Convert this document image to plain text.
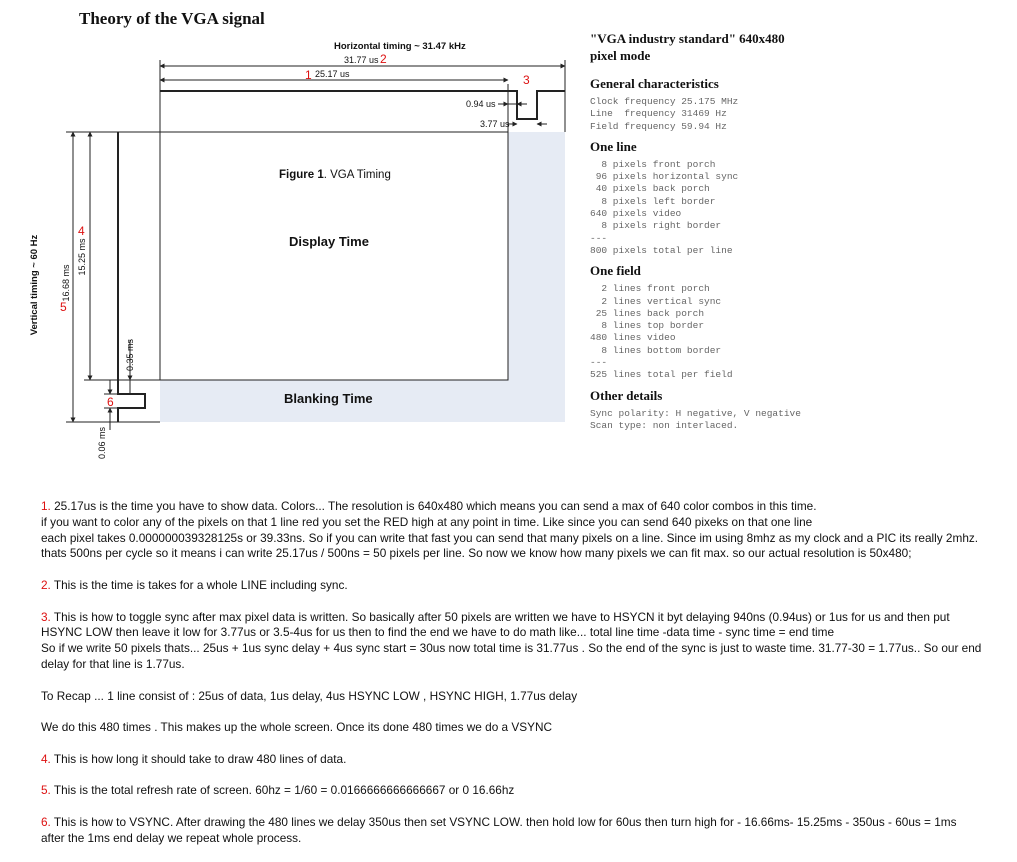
Theory of the VGA signal
Horizontal timing ~ 31.47 kHz
31.77 us 2
1 25.17 us	3
0.94 us
3.77 us
Figure 1. VGA Timing
Display Time
Blanking Time
4
5
6
Vertical timing ~ 60 Hz 16.68 ms
15.25 ms
0.35 ms
0.06 ms
"VGA industry standard" 640x480
pixel mode
General characteristics
Clock frequency 25.175 MHz
Line  frequency 31469 Hz
Field frequency 59.94 Hz
One line
8 pixels front porch
96 pixels horizontal sync
40 pixels back porch
8 pixels left border
640 pixels video
8 pixels right border
---
800 pixels total per line
One field
2 lines front porch
2 lines vertical sync
25 lines back porch
8 lines top border
480 lines video
8 lines bottom border
---
525 lines total per field
Other details
Sync polarity: H negative, V negative
Scan type: non interlaced.

1. 25.17us is the time you have to show data. Colors... The resolution is 640x480 which means you can send a max of 640 color combos in this time.
if you want to color any of the pixels on that 1 line red you set the RED high at any point in time. Like since you can send 640 pixeks on that one line
each pixel takes 0.000000039328125s or 39.33ns. So if you can write that fast you can send that many pixels on a line. Since im using 8mhz as my clock and a PIC its really 2mhz.
thats 500ns per cycle so it means i can write 25.17us / 500ns = 50 pixels per line. So now we know how many pixels we can fit max. so our actual resolution is 50x480;

2. This is the time is takes for a whole LINE including sync.

3. This is how to toggle sync after max pixel data is written. So basically after 50 pixels are written we have to HSYCN it byt delaying 940ns (0.94us) or 1us for us and then put
HSYNC LOW then leave it low for 3.77us or 3.5-4us for us then to find the end we have to do math like... total line time -data time - sync time = end time
So if we write 50 pixels thats... 25us + 1us sync delay + 4us sync start = 30us now total time is 31.77us . So the end of the sync is just to waste time. 31.77-30 = 1.77us.. So our end
delay for that line is 1.77us.

To Recap ... 1 line consist of : 25us of data, 1us delay, 4us HSYNC LOW , HSYNC HIGH, 1.77us delay

We do this 480 times . This makes up the whole screen. Once its done 480 times we do a VSYNC

4. This is how long it should take to draw 480 lines of data.

5. This is the total refresh rate of screen. 60hz = 1/60 = 0.0166666666666667 or 0 16.66hz

6. This is how to VSYNC. After drawing the 480 lines we delay 350us then set VSYNC LOW. then hold low for 60us then turn high for - 16.66ms- 15.25ms - 350us - 60us = 1ms
after the 1ms end delay we repeat whole process.
